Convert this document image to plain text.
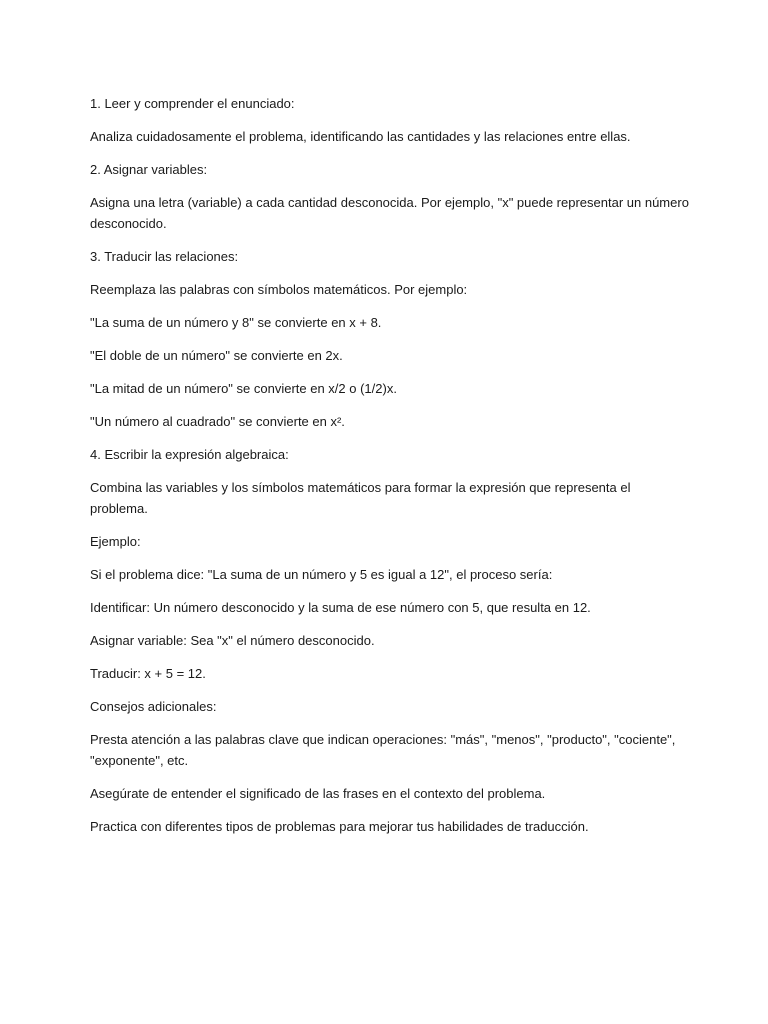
1. Leer y comprender el enunciado:

Analiza cuidadosamente el problema, identificando las cantidades y las relaciones entre ellas.

2. Asignar variables:

Asigna una letra (variable) a cada cantidad desconocida. Por ejemplo, "x" puede representar un número desconocido.

3. Traducir las relaciones:

Reemplaza las palabras con símbolos matemáticos. Por ejemplo:

"La suma de un número y 8" se convierte en x + 8.

"El doble de un número" se convierte en 2x.

"La mitad de un número" se convierte en x/2 o (1/2)x.

"Un número al cuadrado" se convierte en x².

4. Escribir la expresión algebraica:

Combina las variables y los símbolos matemáticos para formar la expresión que representa el problema.

Ejemplo:

Si el problema dice: "La suma de un número y 5 es igual a 12", el proceso sería:

Identificar: Un número desconocido y la suma de ese número con 5, que resulta en 12.

Asignar variable: Sea "x" el número desconocido.

Traducir: x + 5 = 12.

Consejos adicionales:

Presta atención a las palabras clave que indican operaciones: "más", "menos", "producto", "cociente", "exponente", etc.

Asegúrate de entender el significado de las frases en el contexto del problema.

Practica con diferentes tipos de problemas para mejorar tus habilidades de traducción.
